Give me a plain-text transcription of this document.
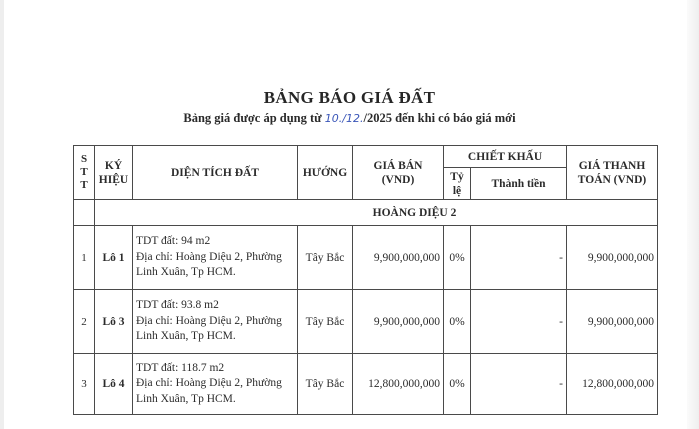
BẢNG BÁO GIÁ ĐẤT
Bảng giá được áp dụng từ 10./12./2025 đến khi có báo giá mới
S
T
T	KÝ HIỆU	DIỆN TÍCH ĐẤT	HƯỚNG	GIÁ BÁN (VND)	CHIẾT KHẤU		GIÁ THANH TOÁN (VND)
					Tỷ lệ	Thành tiền	
	HOÀNG DIỆU 2						
1	Lô 1	TDT đất: 94 m2
Địa chỉ: Hoàng Diệu 2, Phường
Linh Xuân, Tp HCM.	Tây Bắc	9,900,000,000	0%	-	9,900,000,000
2	Lô 3	TDT đất: 93.8 m2
Địa chỉ: Hoàng Diệu 2, Phường
Linh Xuân, Tp HCM.	Tây Bắc	9,900,000,000	0%	-	9,900,000,000
3	Lô 4	TDT đất: 118.7 m2
Địa chỉ: Hoàng Diệu 2, Phường
Linh Xuân, Tp HCM.	Tây Bắc	12,800,000,000	0%	-	12,800,000,000
